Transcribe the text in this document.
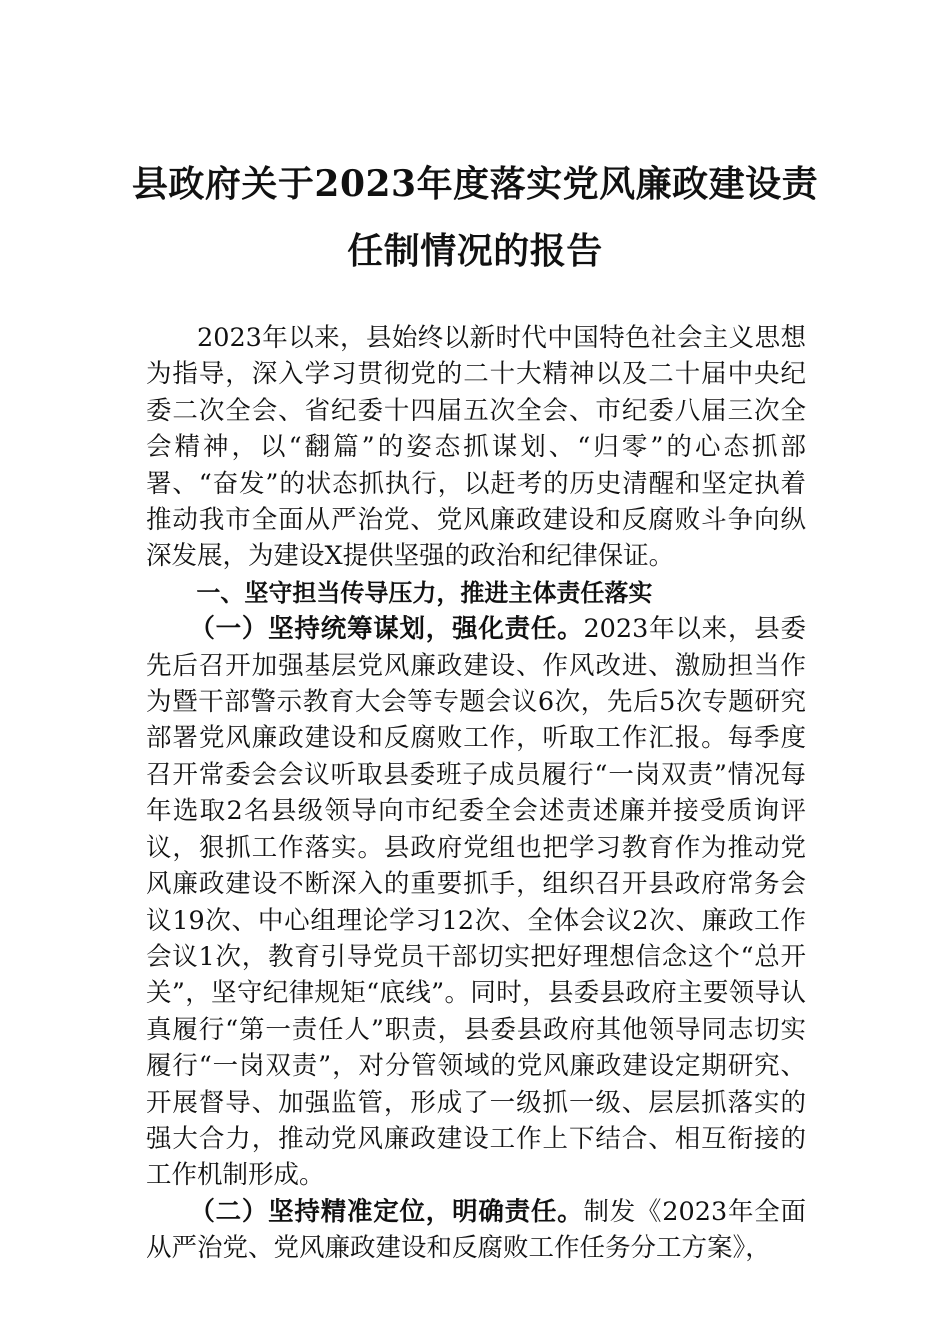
县政府关于2023年度落实党风廉政建设责
任制情况的报告

2023年以来，县始终以新时代中国特色社会主义思想为指导，深入学习贯彻党的二十大精神以及二十届中央纪委二次全会、省纪委十四届五次全会、市纪委八届三次全会精神，以“翻篇”的姿态抓谋划、“归零”的心态抓部署、“奋发”的状态抓执行，以赶考的历史清醒和坚定执着推动我市全面从严治党、党风廉政建设和反腐败斗争向纵深发展，为建设X提供坚强的政治和纪律保证。

一、坚守担当传导压力，推进主体责任落实

（一）坚持统筹谋划，强化责任。2023年以来，县委先后召开加强基层党风廉政建设、作风改进、激励担当作为暨干部警示教育大会等专题会议6次，先后5次专题研究部署党风廉政建设和反腐败工作，听取工作汇报。每季度召开常委会会议听取县委班子成员履行“一岗双责”情况每年选取2名县级领导向市纪委全会述责述廉并接受质询评议，狠抓工作落实。县政府党组也把学习教育作为推动党风廉政建设不断深入的重要抓手，组织召开县政府常务会议19次、中心组理论学习12次、全体会议2次、廉政工作会议1次，教育引导党员干部切实把好理想信念这个“总开关”，坚守纪律规矩“底线”。同时，县委县政府主要领导认真履行“第一责任人”职责，县委县政府其他领导同志切实履行“一岗双责”，对分管领域的党风廉政建设定期研究、开展督导、加强监管，形成了一级抓一级、层层抓落实的强大合力，推动党风廉政建设工作上下结合、相互衔接的工作机制形成。

（二）坚持精准定位，明确责任。制发《2023年全面从严治党、党风廉政建设和反腐败工作任务分工方案》，
